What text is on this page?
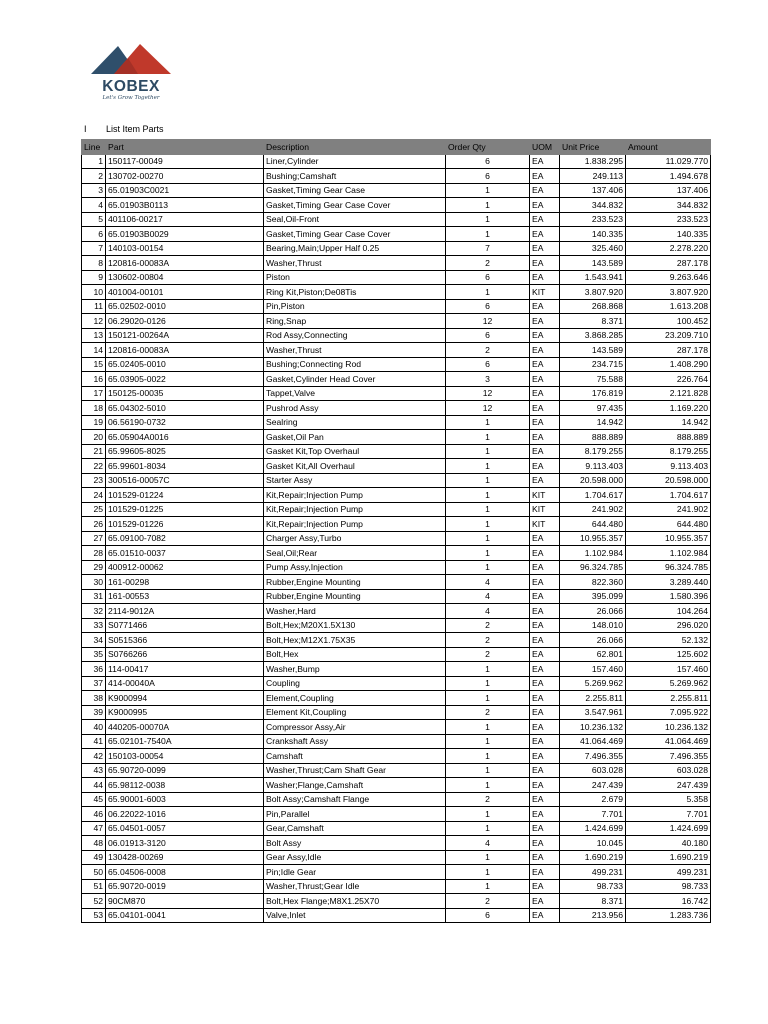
KOBEX
Let's Grow Together
I List Item Parts
Line	Part	Description	Order Qty	UOM	Unit Price	Amount
1	150117-00049	Liner,Cylinder	6	EA	1.838.295	11.029.770
2	130702-00270	Bushing;Camshaft	6	EA	249.113	1.494.678
3	65.01903C0021	Gasket,Timing Gear Case	1	EA	137.406	137.406
4	65.01903B0113	Gasket,Timing Gear Case Cover	1	EA	344.832	344.832
5	401106-00217	Seal,Oil-Front	1	EA	233.523	233.523
6	65.01903B0029	Gasket,Timing Gear Case Cover	1	EA	140.335	140.335
7	140103-00154	Bearing,Main;Upper Half 0.25	7	EA	325.460	2.278.220
8	120816-00083A	Washer,Thrust	2	EA	143.589	287.178
9	130602-00804	Piston	6	EA	1.543.941	9.263.646
10	401004-00101	Ring Kit,Piston;De08Tis	1	KIT	3.807.920	3.807.920
11	65.02502-0010	Pin,Piston	6	EA	268.868	1.613.208
12	06.29020-0126	Ring,Snap	12	EA	8.371	100.452
13	150121-00264A	Rod Assy,Connecting	6	EA	3.868.285	23.209.710
14	120816-00083A	Washer,Thrust	2	EA	143.589	287.178
15	65.02405-0010	Bushing;Connecting Rod	6	EA	234.715	1.408.290
16	65.03905-0022	Gasket,Cylinder Head Cover	3	EA	75.588	226.764
17	150125-00035	Tappet,Valve	12	EA	176.819	2.121.828
18	65.04302-5010	Pushrod Assy	12	EA	97.435	1.169.220
19	06.56190-0732	Sealring	1	EA	14.942	14.942
20	65.05904A0016	Gasket,Oil Pan	1	EA	888.889	888.889
21	65.99605-8025	Gasket Kit,Top Overhaul	1	EA	8.179.255	8.179.255
22	65.99601-8034	Gasket Kit,All Overhaul	1	EA	9.113.403	9.113.403
23	300516-00057C	Starter Assy	1	EA	20.598.000	20.598.000
24	101529-01224	Kit,Repair;Injection Pump	1	KIT	1.704.617	1.704.617
25	101529-01225	Kit,Repair;Injection Pump	1	KIT	241.902	241.902
26	101529-01226	Kit,Repair;Injection Pump	1	KIT	644.480	644.480
27	65.09100-7082	Charger Assy,Turbo	1	EA	10.955.357	10.955.357
28	65.01510-0037	Seal,Oil;Rear	1	EA	1.102.984	1.102.984
29	400912-00062	Pump Assy,Injection	1	EA	96.324.785	96.324.785
30	161-00298	Rubber,Engine Mounting	4	EA	822.360	3.289.440
31	161-00553	Rubber,Engine Mounting	4	EA	395.099	1.580.396
32	2114-9012A	Washer,Hard	4	EA	26.066	104.264
33	S0771466	Bolt,Hex;M20X1.5X130	2	EA	148.010	296.020
34	S0515366	Bolt,Hex;M12X1.75X35	2	EA	26.066	52.132
35	S0766266	Bolt,Hex	2	EA	62.801	125.602
36	114-00417	Washer,Bump	1	EA	157.460	157.460
37	414-00040A	Coupling	1	EA	5.269.962	5.269.962
38	K9000994	Element,Coupling	1	EA	2.255.811	2.255.811
39	K9000995	Element Kit,Coupling	2	EA	3.547.961	7.095.922
40	440205-00070A	Compressor Assy,Air	1	EA	10.236.132	10.236.132
41	65.02101-7540A	Crankshaft Assy	1	EA	41.064.469	41.064.469
42	150103-00054	Camshaft	1	EA	7.496.355	7.496.355
43	65.90720-0099	Washer,Thrust;Cam Shaft Gear	1	EA	603.028	603.028
44	65.98112-0038	Washer;Flange,Camshaft	1	EA	247.439	247.439
45	65.90001-6003	Bolt Assy;Camshaft Flange	2	EA	2.679	5.358
46	06.22022-1016	Pin,Parallel	1	EA	7.701	7.701
47	65.04501-0057	Gear,Camshaft	1	EA	1.424.699	1.424.699
48	06.01913-3120	Bolt Assy	4	EA	10.045	40.180
49	130428-00269	Gear Assy,Idle	1	EA	1.690.219	1.690.219
50	65.04506-0008	Pin;Idle Gear	1	EA	499.231	499.231
51	65.90720-0019	Washer,Thrust;Gear Idle	1	EA	98.733	98.733
52	90CM870	Bolt,Hex Flange;M8X1.25X70	2	EA	8.371	16.742
53	65.04101-0041	Valve,Inlet	6	EA	213.956	1.283.736
